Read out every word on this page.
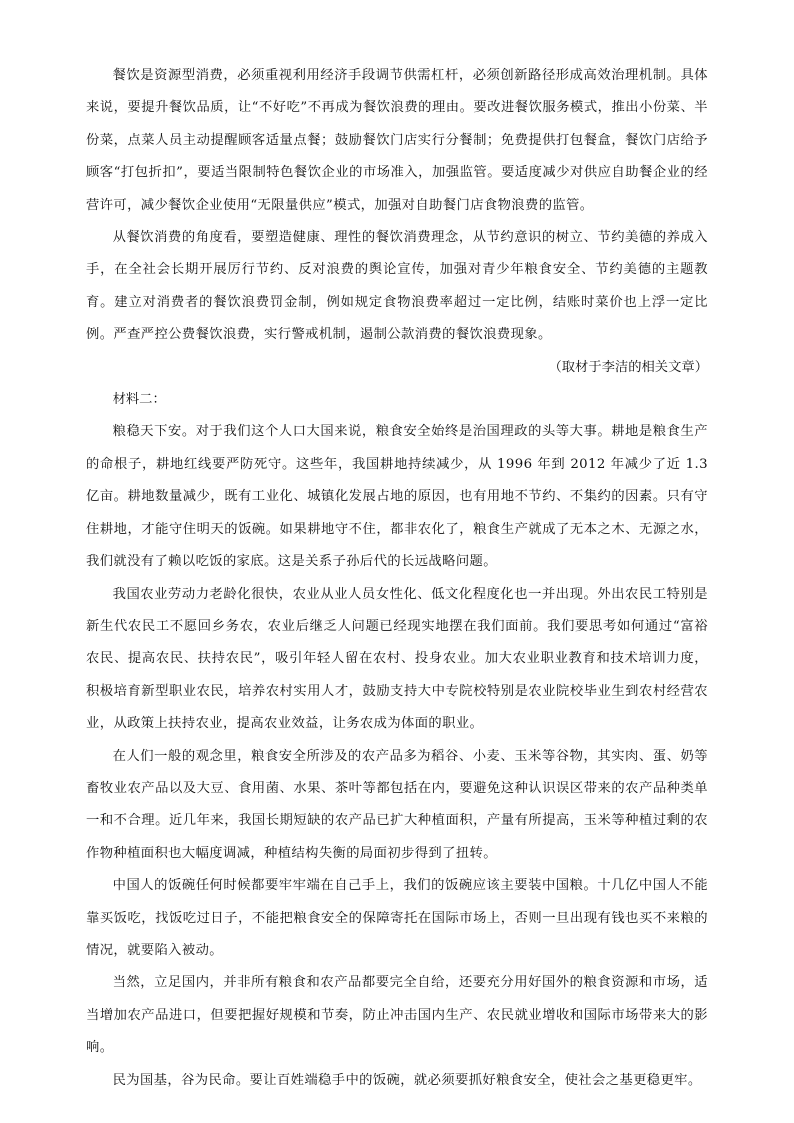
餐饮是资源型消费，必须重视利用经济手段调节供需杠杆，必须创新路径形成高效治理机制。具体来说，要提升餐饮品质，让“不好吃”不再成为餐饮浪费的理由。要改进餐饮服务模式，推出小份菜、半份菜，点菜人员主动提醒顾客适量点餐；鼓励餐饮门店实行分餐制；免费提供打包餐盒，餐饮门店给予顾客“打包折扣”，要适当限制特色餐饮企业的市场准入，加强监管。要适度减少对供应自助餐企业的经营许可，减少餐饮企业使用“无限量供应”模式，加强对自助餐门店食物浪费的监管。

从餐饮消费的角度看，要塑造健康、理性的餐饮消费理念，从节约意识的树立、节约美德的养成入手，在全社会长期开展厉行节约、反对浪费的舆论宣传，加强对青少年粮食安全、节约美德的主题教育。建立对消费者的餐饮浪费罚金制，例如规定食物浪费率超过一定比例，结账时菜价也上浮一定比例。严查严控公费餐饮浪费，实行警戒机制，遏制公款消费的餐饮浪费现象。

（取材于李洁的相关文章）

材料二：

粮稳天下安。对于我们这个人口大国来说，粮食安全始终是治国理政的头等大事。耕地是粮食生产的命根子，耕地红线要严防死守。这些年，我国耕地持续减少，从 1996 年到 2012 年减少了近 1.3 亿亩。耕地数量减少，既有工业化、城镇化发展占地的原因，也有用地不节约、不集约的因素。只有守住耕地，才能守住明天的饭碗。如果耕地守不住，都非农化了，粮食生产就成了无本之木、无源之水，我们就没有了赖以吃饭的家底。这是关系子孙后代的长远战略问题。

我国农业劳动力老龄化很快，农业从业人员女性化、低文化程度化也一并出现。外出农民工特别是新生代农民工不愿回乡务农，农业后继乏人问题已经现实地摆在我们面前。我们要思考如何通过“富裕农民、提高农民、扶持农民”，吸引年轻人留在农村、投身农业。加大农业职业教育和技术培训力度，积极培育新型职业农民，培养农村实用人才，鼓励支持大中专院校特别是农业院校毕业生到农村经营农业，从政策上扶持农业，提高农业效益，让务农成为体面的职业。

在人们一般的观念里，粮食安全所涉及的农产品多为稻谷、小麦、玉米等谷物，其实肉、蛋、奶等畜牧业农产品以及大豆、食用菌、水果、茶叶等都包括在内，要避免这种认识误区带来的农产品种类单一和不合理。近几年来，我国长期短缺的农产品已扩大种植面积，产量有所提高，玉米等种植过剩的农作物种植面积也大幅度调减，种植结构失衡的局面初步得到了扭转。

中国人的饭碗任何时候都要牢牢端在自己手上，我们的饭碗应该主要装中国粮。十几亿中国人不能靠买饭吃，找饭吃过日子，不能把粮食安全的保障寄托在国际市场上，否则一旦出现有钱也买不来粮的情况，就要陷入被动。

当然，立足国内，并非所有粮食和农产品都要完全自给，还要充分用好国外的粮食资源和市场，适当增加农产品进口，但要把握好规模和节奏，防止冲击国内生产、农民就业增收和国际市场带来大的影响。

民为国基，谷为民命。要让百姓端稳手中的饭碗，就必须要抓好粮食安全，使社会之基更稳更牢。
